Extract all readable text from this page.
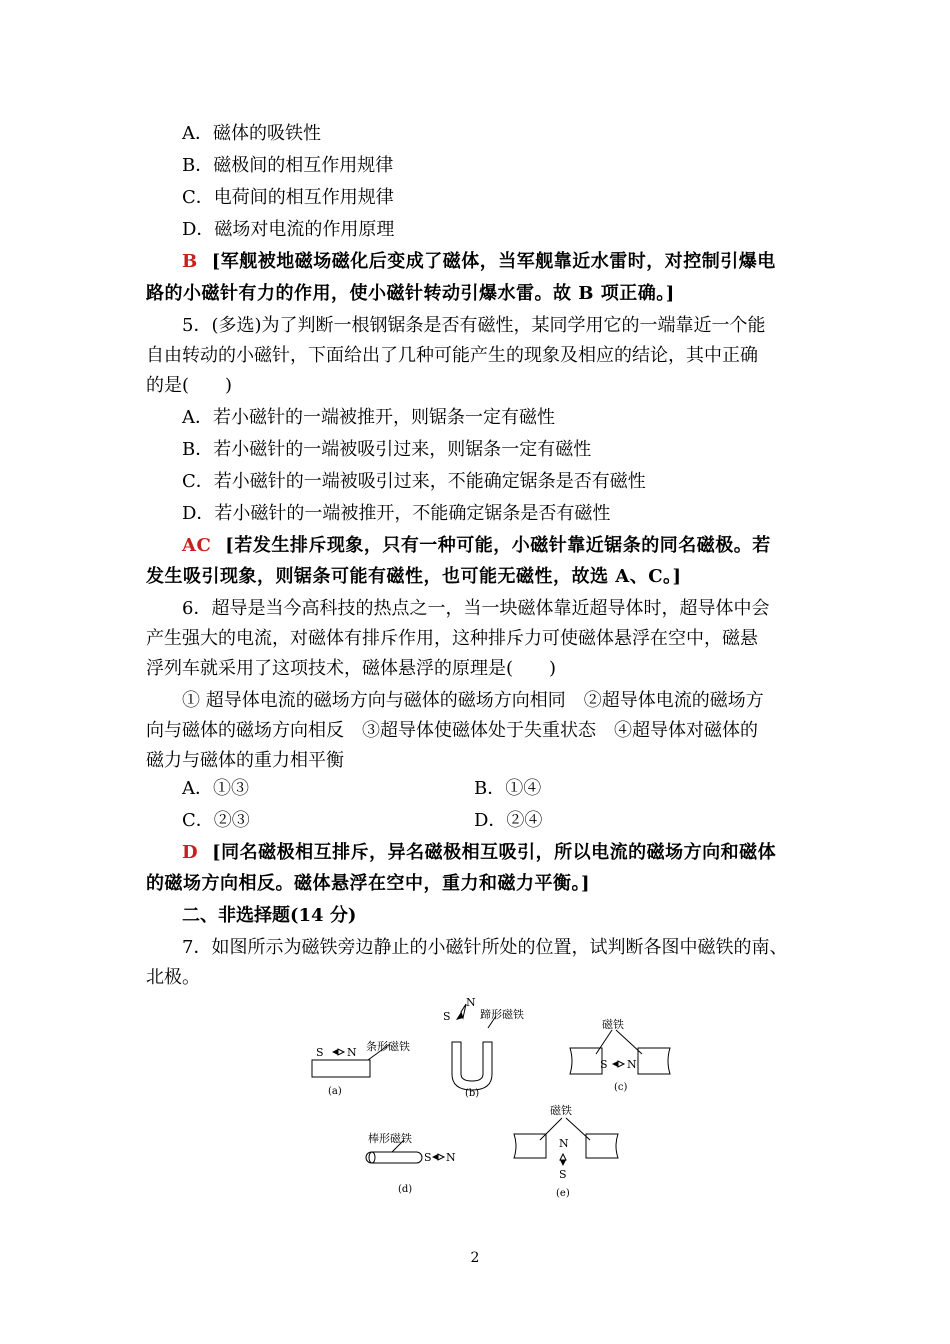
A．磁体的吸铁性
B．磁极间的相互作用规律
C．电荷间的相互作用规律
D．磁场对电流的作用原理
B [军舰被地磁场磁化后变成了磁体，当军舰靠近水雷时，对控制引爆电
路的小磁针有力的作用，使小磁针转动引爆水雷。故 B 项正确。]
5．(多选)为了判断一根钢锯条是否有磁性，某同学用它的一端靠近一个能
自由转动的小磁针，下面给出了几种可能产生的现象及相应的结论，其中正确
的是(　　)
A．若小磁针的一端被推开，则锯条一定有磁性
B．若小磁针的一端被吸引过来，则锯条一定有磁性
C．若小磁针的一端被吸引过来，不能确定锯条是否有磁性
D．若小磁针的一端被推开，不能确定锯条是否有磁性
AC [若发生排斥现象，只有一种可能，小磁针靠近锯条的同名磁极。若
发生吸引现象，则锯条可能有磁性，也可能无磁性，故选 A、C。]
6．超导是当今高科技的热点之一，当一块磁体靠近超导体时，超导体中会
产生强大的电流，对磁体有排斥作用，这种排斥力可使磁体悬浮在空中，磁悬
浮列车就采用了这项技术，磁体悬浮的原理是(　　)
① 超导体电流的磁场方向与磁体的磁场方向相同　②超导体电流的磁场方
向与磁体的磁场方向相反　③超导体使磁体处于失重状态　④超导体对磁体的
磁力与磁体的重力相平衡
A．①③	B．①④
C．②③	D．②④
D [同名磁极相互排斥，异名磁极相互吸引，所以电流的磁场方向和磁体
的磁场方向相反。磁体悬浮在空中，重力和磁力平衡。]
二、非选择题(14 分)
7．如图所示为磁铁旁边静止的小磁针所处的位置，试判断各图中磁铁的南、
北极。
S N 条形磁铁
(a)
S
N
蹄形磁铁
(b)
磁铁
S N
(c)
棒形磁铁
S N
(d)
磁铁
N
S
(e)
2
